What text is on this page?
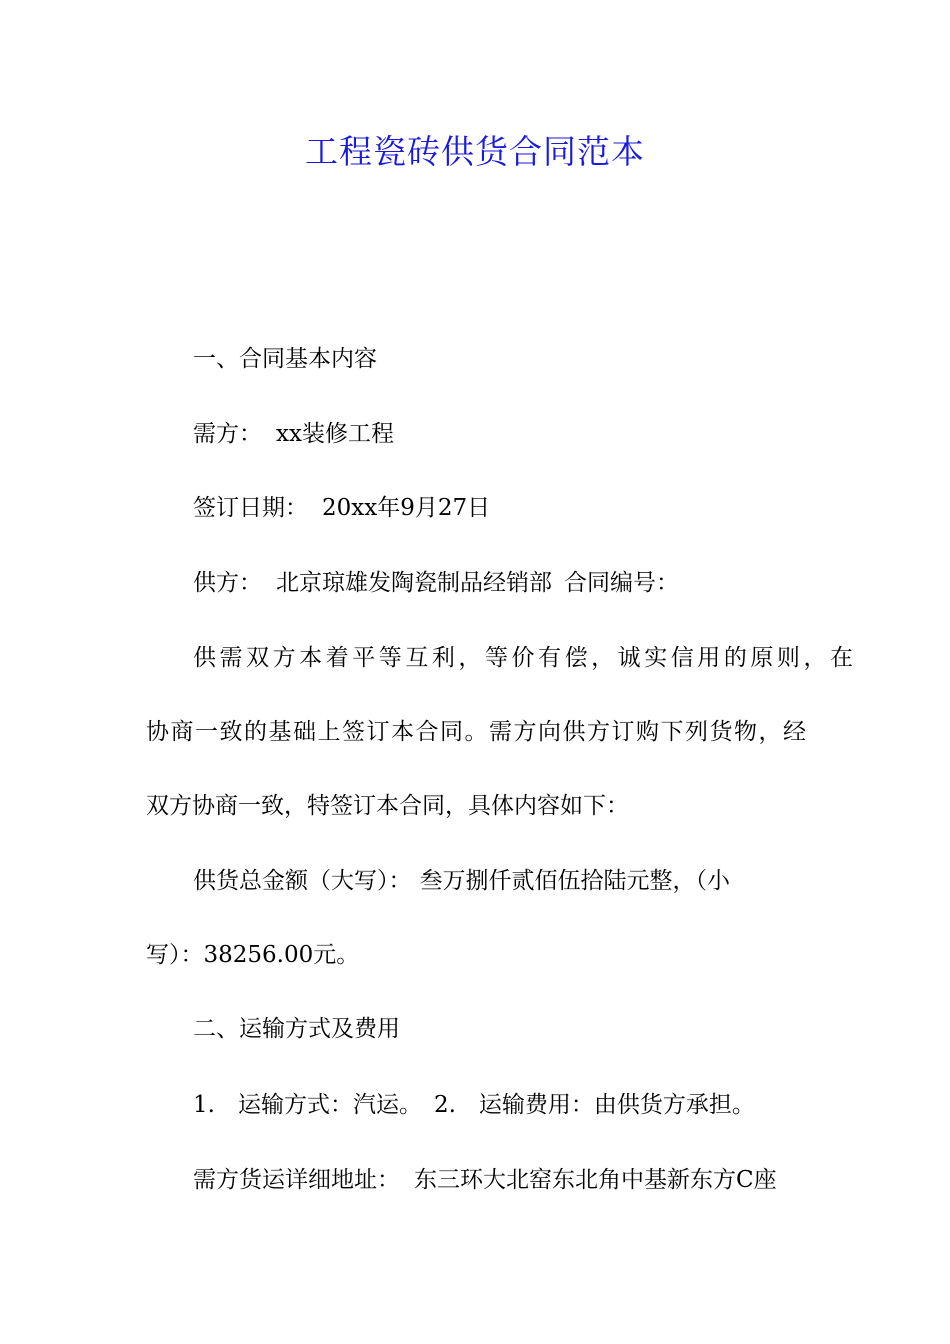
工程瓷砖供货合同范本

一、合同基本内容

需方： xx装修工程

签订日期： 20xx年9月27日

供方： 北京琼雄发陶瓷制品经销部 合同编号：

供需双方本着平等互利，等价有偿，诚实信用的原则，在

协商一致的基础上签订本合同。需方向供方订购下列货物，经

双方协商一致，特签订本合同，具体内容如下：

供货总金额（大写）： 叁万捌仟贰佰伍拾陆元整，（小

写）：38256.00元。

二、运输方式及费用

1.　运输方式：汽运。 2.　运输费用：由供货方承担。

需方货运详细地址： 东三环大北窑东北角中基新东方C座
